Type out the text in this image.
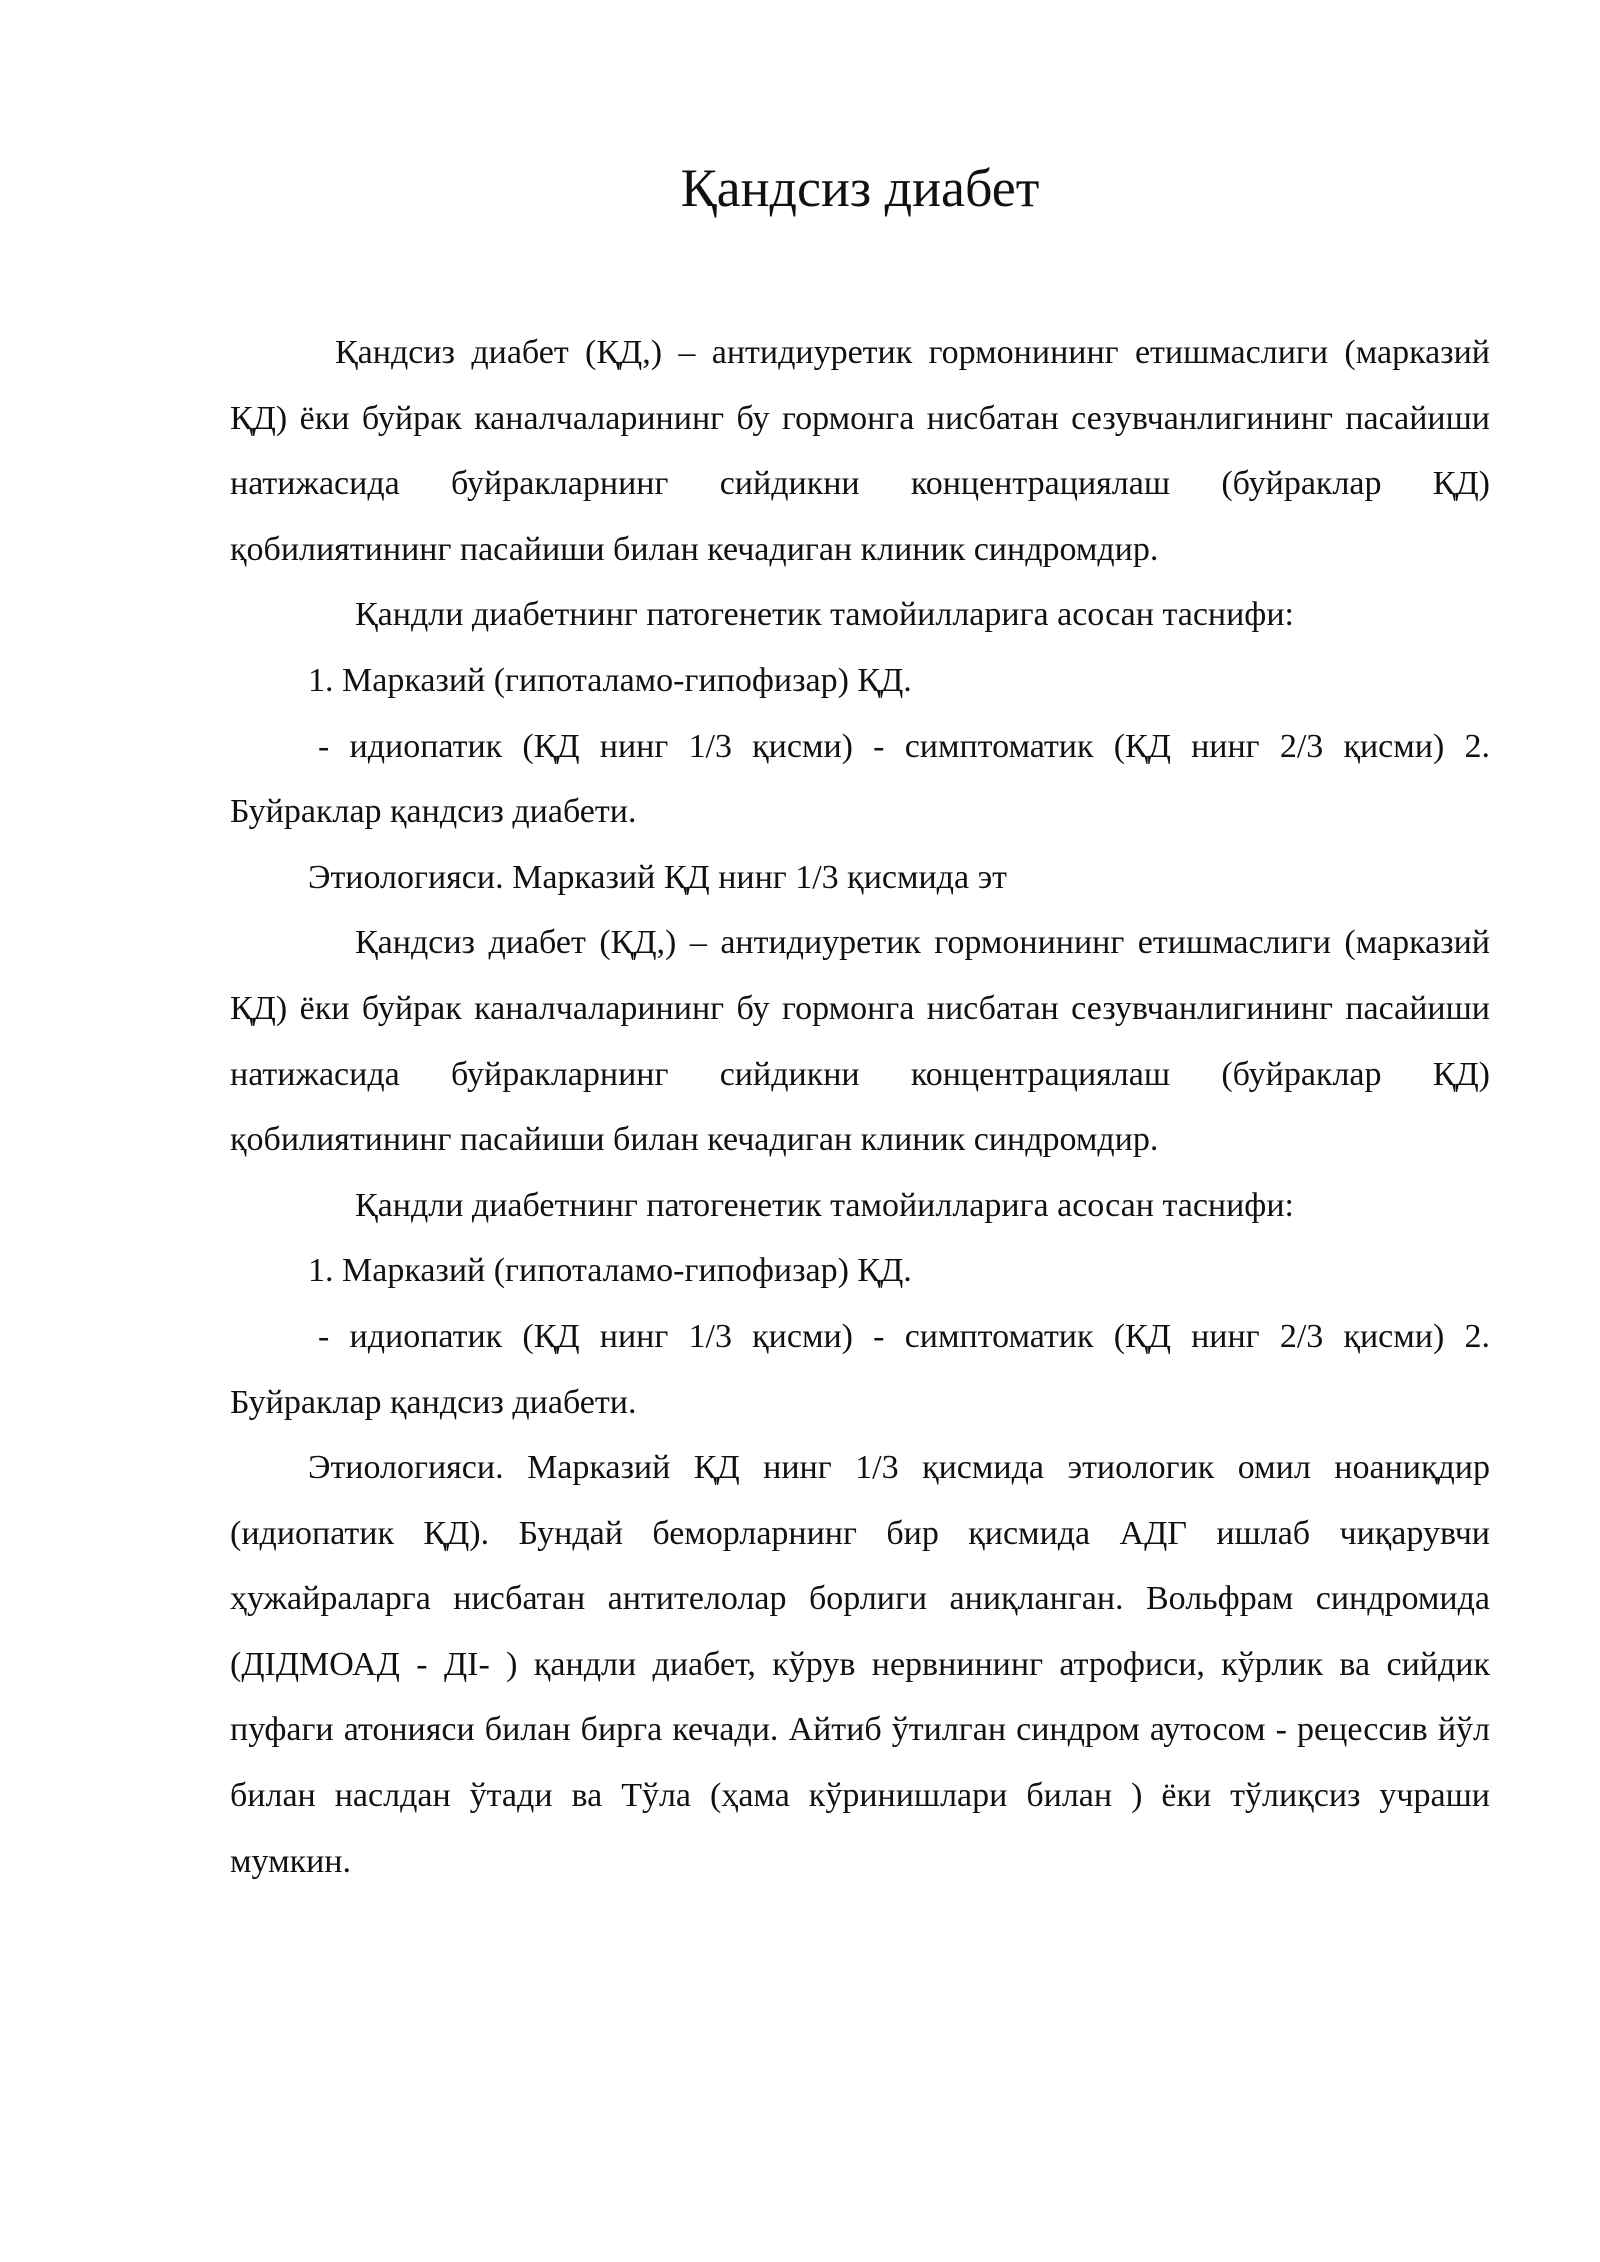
Қандсиз диабет

Қандсиз диабет (ҚД,) – антидиуретик гормонининг етишмаслиги (марказий ҚД) ёки буйрак каналчаларининг бу гормонга нисбатан сезувчанлигининг пасайиши натижасида буйракларнинг сийдикни концентрациялаш (буйраклар ҚД) қобилиятининг пасайиши билан кечадиган клиник синдромдир.

Қандли диабетнинг патогенетик тамойилларига асосан таснифи:

1. Марказий (гипоталамо-гипофизар) ҚД.

- идиопатик (ҚД нинг 1/3 қисми) - симптоматик (ҚД нинг 2/3 қисми) 2. Буйраклар қандсиз диабети.

Этиологияси. Марказий ҚД нинг 1/3 қисмида эт

Қандсиз диабет (ҚД,) – антидиуретик гормонининг етишмаслиги (марказий ҚД) ёки буйрак каналчаларининг бу гормонга нисбатан сезувчанлигининг пасайиши натижасида буйракларнинг сийдикни концентрациялаш (буйраклар ҚД) қобилиятининг пасайиши билан кечадиган клиник синдромдир.

Қандли диабетнинг патогенетик тамойилларига асосан таснифи:

1. Марказий (гипоталамо-гипофизар) ҚД.

- идиопатик (ҚД нинг 1/3 қисми) - симптоматик (ҚД нинг 2/3 қисми) 2. Буйраклар қандсиз диабети.

Этиологияси. Марказий ҚД нинг 1/3 қисмида этиологик омил ноаниқдир (идиопатик ҚД). Бундай беморларнинг бир қисмида АДГ ишлаб чиқарувчи ҳужайраларга нисбатан антителолар борлиги аниқланган. Вольфрам синдромида (ДІДМОАД - ДІ- ) қандли диабет, кўрув нервнининг атрофиси, кўрлик ва сийдик пуфаги атонияси билан бирга кечади. Айтиб ўтилган синдром аутосом - рецессив йўл билан наслдан ўтади ва Тўла (ҳама кўринишлари билан ) ёки тўлиқсиз учраши мумкин.
